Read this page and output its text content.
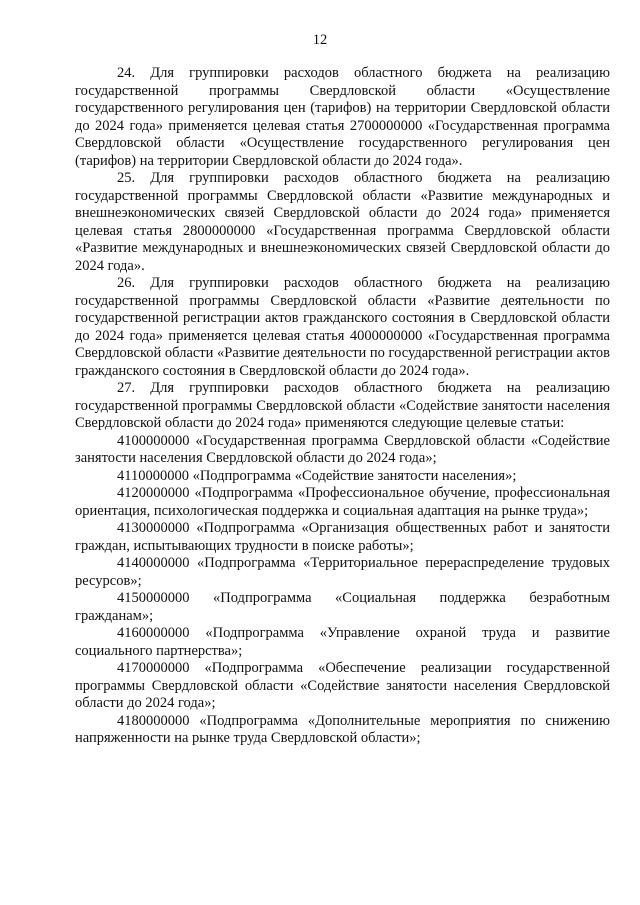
12

24. Для группировки расходов областного бюджета на реализацию государственной программы Свердловской области «Осуществление государственного регулирования цен (тарифов) на территории Свердловской области до 2024 года» применяется целевая статья 2700000000 «Государственная программа Свердловской области «Осуществление государственного регулирования цен (тарифов) на территории Свердловской области до 2024 года».

25. Для группировки расходов областного бюджета на реализацию государственной программы Свердловской области «Развитие международных и внешнеэкономических связей Свердловской области до 2024 года» применяется целевая статья 2800000000 «Государственная программа Свердловской области «Развитие международных и внешнеэкономических связей Свердловской области до 2024 года».

26. Для группировки расходов областного бюджета на реализацию государственной программы Свердловской области «Развитие деятельности по государственной регистрации актов гражданского состояния в Свердловской области до 2024 года» применяется целевая статья 4000000000 «Государственная программа Свердловской области «Развитие деятельности по государственной регистрации актов гражданского состояния в Свердловской области до 2024 года».

27. Для группировки расходов областного бюджета на реализацию государственной программы Свердловской области «Содействие занятости населения Свердловской области до 2024 года» применяются следующие целевые статьи:

4100000000 «Государственная программа Свердловской области «Содействие занятости населения Свердловской области до 2024 года»;

4110000000 «Подпрограмма «Содействие занятости населения»;

4120000000 «Подпрограмма «Профессиональное обучение, профессиональная ориентация, психологическая поддержка и социальная адаптация на рынке труда»;

4130000000 «Подпрограмма «Организация общественных работ и занятости граждан, испытывающих трудности в поиске работы»;

4140000000 «Подпрограмма «Территориальное перераспределение трудовых ресурсов»;

4150000000 «Подпрограмма «Социальная поддержка безработным гражданам»;

4160000000 «Подпрограмма «Управление охраной труда и развитие социального партнерства»;

4170000000 «Подпрограмма «Обеспечение реализации государственной программы Свердловской области «Содействие занятости населения Свердловской области до 2024 года»;

4180000000 «Подпрограмма «Дополнительные мероприятия по снижению напряженности на рынке труда Свердловской области»;
